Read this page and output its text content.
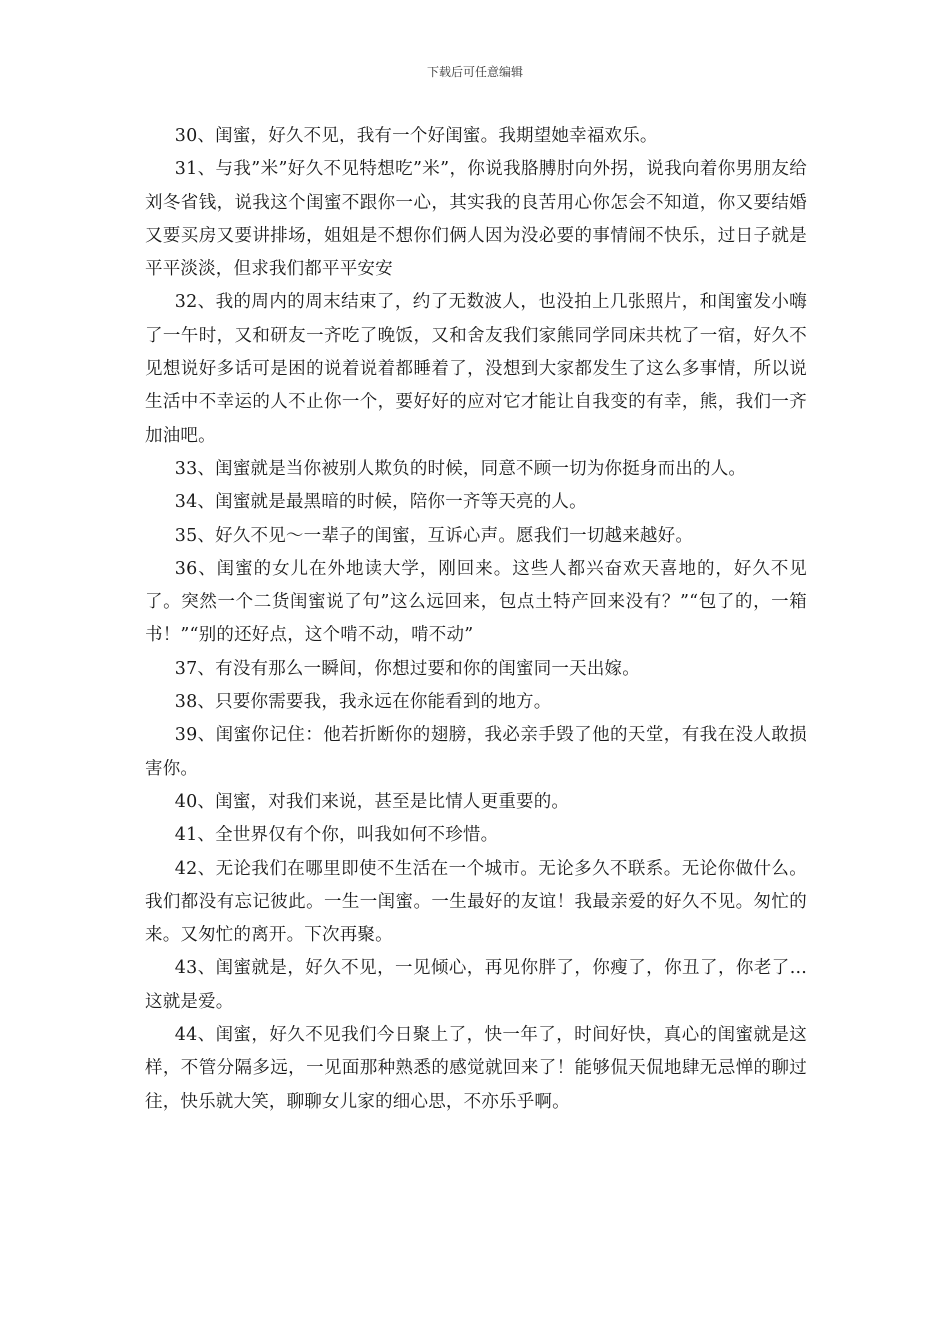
下载后可任意编辑

30、闺蜜，好久不见，我有一个好闺蜜。我期望她幸福欢乐。

31、与我”米”好久不见特想吃”米”，你说我胳膊肘向外拐，说我向着你男朋友给刘冬省钱，说我这个闺蜜不跟你一心，其实我的良苦用心你怎会不知道，你又要结婚又要买房又要讲排场，姐姐是不想你们俩人因为没必要的事情闹不快乐，过日子就是平平淡淡，但求我们都平平安安

32、我的周内的周末结束了，约了无数波人，也没拍上几张照片，和闺蜜发小嗨了一午时，又和研友一齐吃了晚饭，又和舍友我们家熊同学同床共枕了一宿，好久不见想说好多话可是困的说着说着都睡着了，没想到大家都发生了这么多事情，所以说生活中不幸运的人不止你一个，要好好的应对它才能让自我变的有幸，熊，我们一齐加油吧。

33、闺蜜就是当你被别人欺负的时候，同意不顾一切为你挺身而出的人。

34、闺蜜就是最黑暗的时候，陪你一齐等天亮的人。

35、好久不见～一辈子的闺蜜，互诉心声。愿我们一切越来越好。

36、闺蜜的女儿在外地读大学，刚回来。这些人都兴奋欢天喜地的，好久不见了。突然一个二货闺蜜说了句”这么远回来，包点土特产回来没有？”“包了的，一箱书！”“别的还好点，这个啃不动，啃不动”

37、有没有那么一瞬间，你想过要和你的闺蜜同一天出嫁。

38、只要你需要我，我永远在你能看到的地方。

39、闺蜜你记住：他若折断你的翅膀，我必亲手毁了他的天堂，有我在没人敢损害你。

40、闺蜜，对我们来说，甚至是比情人更重要的。

41、全世界仅有个你，叫我如何不珍惜。

42、无论我们在哪里即使不生活在一个城市。无论多久不联系。无论你做什么。我们都没有忘记彼此。一生一闺蜜。一生最好的友谊！我最亲爱的好久不见。匆忙的来。又匆忙的离开。下次再聚。

43、闺蜜就是，好久不见，一见倾心，再见你胖了，你瘦了，你丑了，你老了...这就是爱。

44、闺蜜，好久不见我们今日聚上了，快一年了，时间好快，真心的闺蜜就是这样，不管分隔多远，一见面那种熟悉的感觉就回来了！能够侃天侃地肆无忌惮的聊过往，快乐就大笑，聊聊女儿家的细心思，不亦乐乎啊。
